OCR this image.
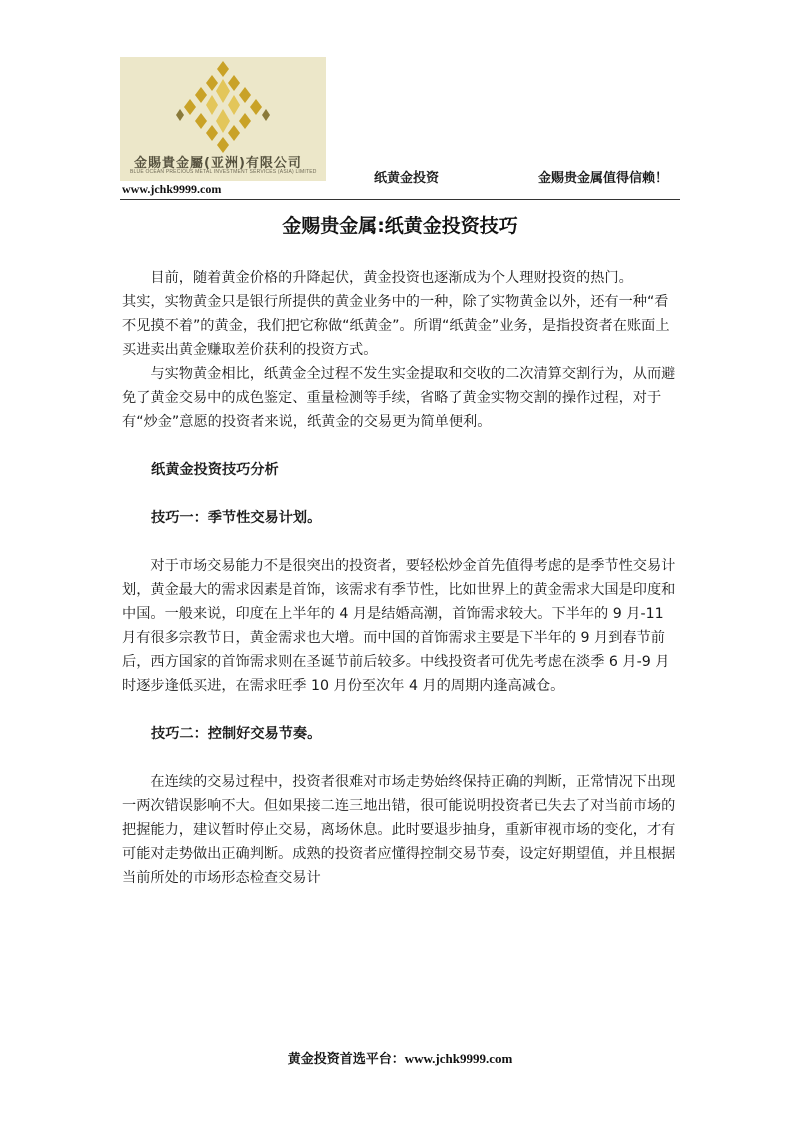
金賜貴金屬(亚洲)有限公司
BLUE OCEAN PRECIOUS METAL INVESTMENT SERVICES (ASIA) LIMITED
www.jchk9999.com
纸黄金投资	金赐贵金属值得信赖！
金赐贵金属:纸黄金投资技巧

目前，随着黄金价格的升降起伏，黄金投资也逐渐成为个人理财投资的热门。

其实，实物黄金只是银行所提供的黄金业务中的一种，除了实物黄金以外，还有一种“看不见摸不着”的黄金，我们把它称做“纸黄金”。所谓“纸黄金”业务，是指投资者在账面上买进卖出黄金赚取差价获利的投资方式。

与实物黄金相比，纸黄金全过程不发生实金提取和交收的二次清算交割行为，从而避免了黄金交易中的成色鉴定、重量检测等手续，省略了黄金实物交割的操作过程，对于有“炒金”意愿的投资者来说，纸黄金的交易更为简单便利。

纸黄金投资技巧分析

技巧一：季节性交易计划。

对于市场交易能力不是很突出的投资者，要轻松炒金首先值得考虑的是季节性交易计划，黄金最大的需求因素是首饰，该需求有季节性，比如世界上的黄金需求大国是印度和中国。一般来说，印度在上半年的 4 月是结婚高潮，首饰需求较大。下半年的 9 月-11 月有很多宗教节日，黄金需求也大增。而中国的首饰需求主要是下半年的 9 月到春节前后，西方国家的首饰需求则在圣诞节前后较多。中线投资者可优先考虑在淡季 6 月-9 月时逐步逢低买进，在需求旺季 10 月份至次年 4 月的周期内逢高减仓。

技巧二：控制好交易节奏。

在连续的交易过程中，投资者很难对市场走势始终保持正确的判断，正常情况下出现一两次错误影响不大。但如果接二连三地出错，很可能说明投资者已失去了对当前市场的把握能力，建议暂时停止交易，离场休息。此时要退步抽身，重新审视市场的变化，才有可能对走势做出正确判断。成熟的投资者应懂得控制交易节奏，设定好期望值，并且根据当前所处的市场形态检查交易计

黄金投资首选平台：www.jchk9999.com
